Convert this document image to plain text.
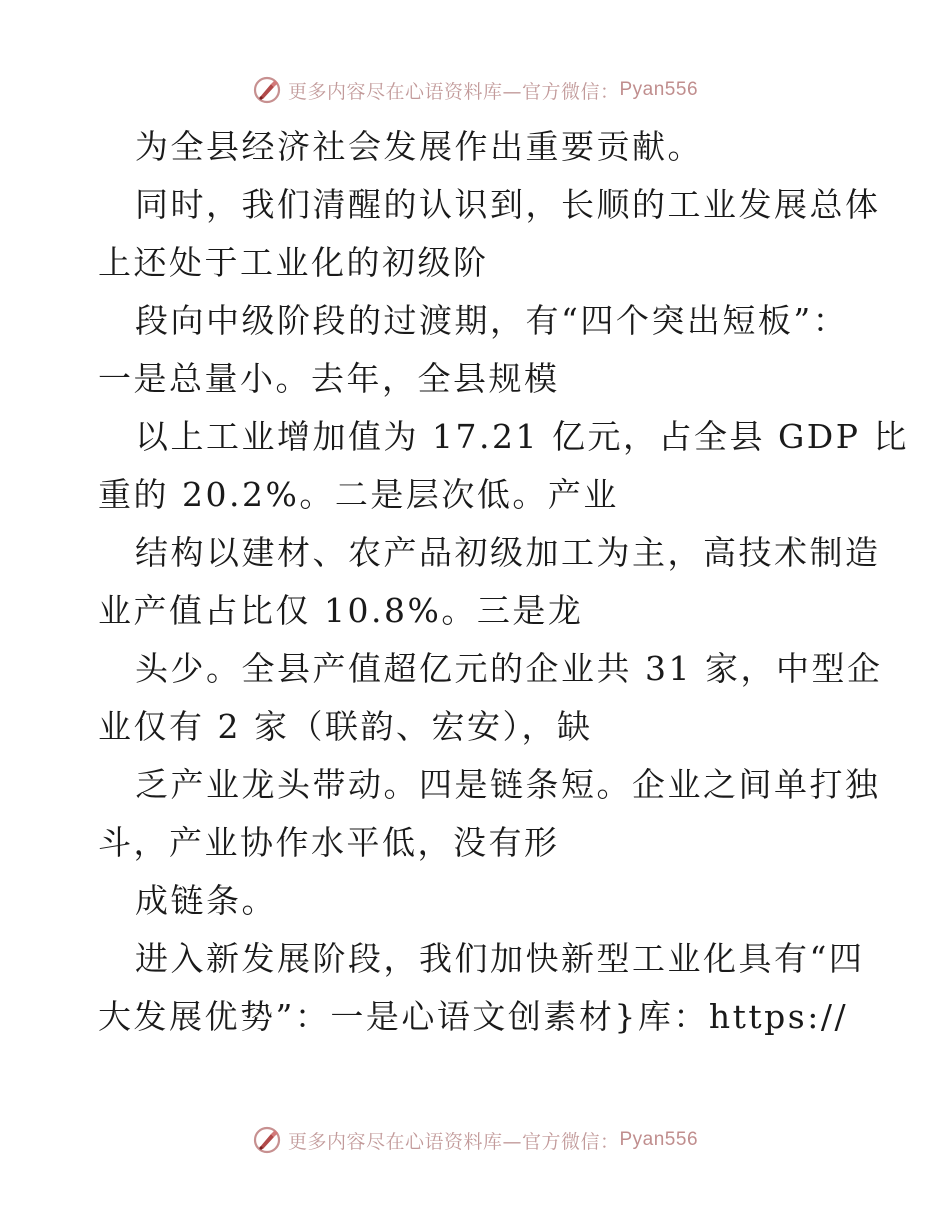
更多内容尽在心语资料库—官方微信： Pyan556
为全县经济社会发展作出重要贡献。
同时，我们清醒的认识到，长顺的工业发展总体
上还处于工业化的初级阶
段向中级阶段的过渡期，有“四个突出短板”：
一是总量小。去年，全县规模
以上工业增加值为 17.21 亿元，占全县 GDP 比
重的 20.2%。二是层次低。产业
结构以建材、农产品初级加工为主，高技术制造
业产值占比仅 10.8%。三是龙
头少。全县产值超亿元的企业共 31 家，中型企
业仅有 2 家（联韵、宏安），缺
乏产业龙头带动。四是链条短。企业之间单打独
斗，产业协作水平低，没有形
成链条。
进入新发展阶段，我们加快新型工业化具有“四
大发展优势”：一是心语文创素材}库：https://
更多内容尽在心语资料库—官方微信： Pyan556
